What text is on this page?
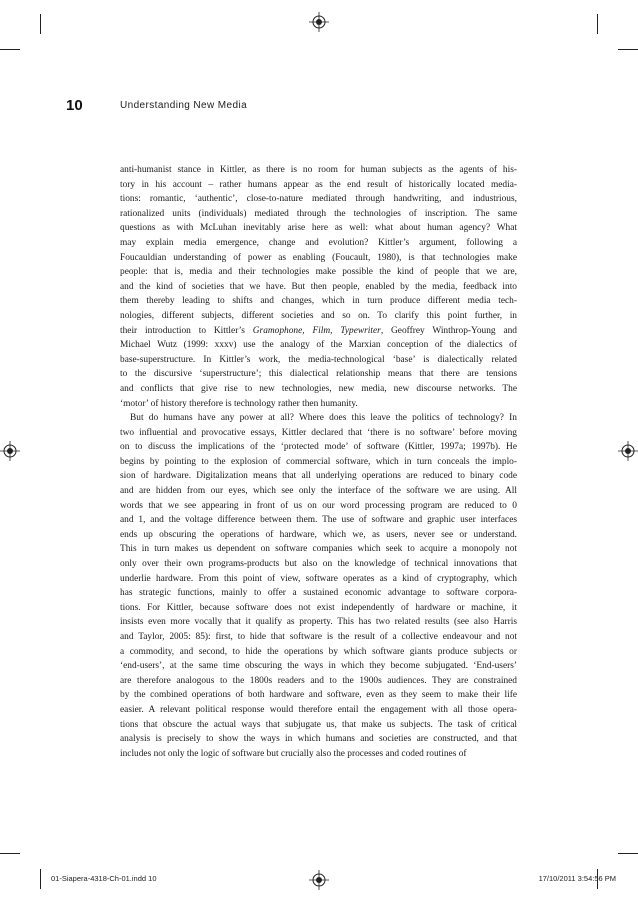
10	Understanding New Media
anti-humanist stance in Kittler, as there is no room for human subjects as the agents of his-
tory in his account – rather humans appear as the end result of historically located media-
tions: romantic, ‘authentic’, close-to-nature mediated through handwriting, and industrious,
rationalized units (individuals) mediated through the technologies of inscription. The same
questions as with McLuhan inevitably arise here as well: what about human agency? What
may explain media emergence, change and evolution? Kittler’s argument, following a
Foucauldian understanding of power as enabling (Foucault, 1980), is that technologies make
people: that is, media and their technologies make possible the kind of people that we are,
and the kind of societies that we have. But then people, enabled by the media, feedback into
them thereby leading to shifts and changes, which in turn produce different media tech-
nologies, different subjects, different societies and so on. To clarify this point further, in
their introduction to Kittler’s Gramophone, Film, Typewriter, Geoffrey Winthrop-Young and
Michael Wutz (1999: xxxv) use the analogy of the Marxian conception of the dialectics of
base-superstructure. In Kittler’s work, the media-technological ‘base’ is dialectically related
to the discursive ‘superstructure’; this dialectical relationship means that there are tensions
and conflicts that give rise to new technologies, new media, new discourse networks. The
‘motor’ of history therefore is technology rather then humanity.
But do humans have any power at all? Where does this leave the politics of technology? In
two influential and provocative essays, Kittler declared that ‘there is no software’ before moving
on to discuss the implications of the ‘protected mode’ of software (Kittler, 1997a; 1997b). He
begins by pointing to the explosion of commercial software, which in turn conceals the implo-
sion of hardware. Digitalization means that all underlying operations are reduced to binary code
and are hidden from our eyes, which see only the interface of the software we are using. All
words that we see appearing in front of us on our word processing program are reduced to 0
and 1, and the voltage difference between them. The use of software and graphic user interfaces
ends up obscuring the operations of hardware, which we, as users, never see or understand.
This in turn makes us dependent on software companies which seek to acquire a monopoly not
only over their own programs-products but also on the knowledge of technical innovations that
underlie hardware. From this point of view, software operates as a kind of cryptography, which
has strategic functions, mainly to offer a sustained economic advantage to software corpora-
tions. For Kittler, because software does not exist independently of hardware or machine, it
insists even more vocally that it qualify as property. This has two related results (see also Harris
and Taylor, 2005: 85): first, to hide that software is the result of a collective endeavour and not
a commodity, and second, to hide the operations by which software giants produce subjects or
‘end-users’, at the same time obscuring the ways in which they become subjugated. ‘End-users’
are therefore analogous to the 1800s readers and to the 1900s audiences. They are constrained
by the combined operations of both hardware and software, even as they seem to make their life
easier. A relevant political response would therefore entail the engagement with all those opera-
tions that obscure the actual ways that subjugate us, that make us subjects. The task of critical
analysis is precisely to show the ways in which humans and societies are constructed, and that
includes not only the logic of software but crucially also the processes and coded routines of
01-Siapera-4318-Ch-01.indd 10	17/10/2011 3:54:56 PM
